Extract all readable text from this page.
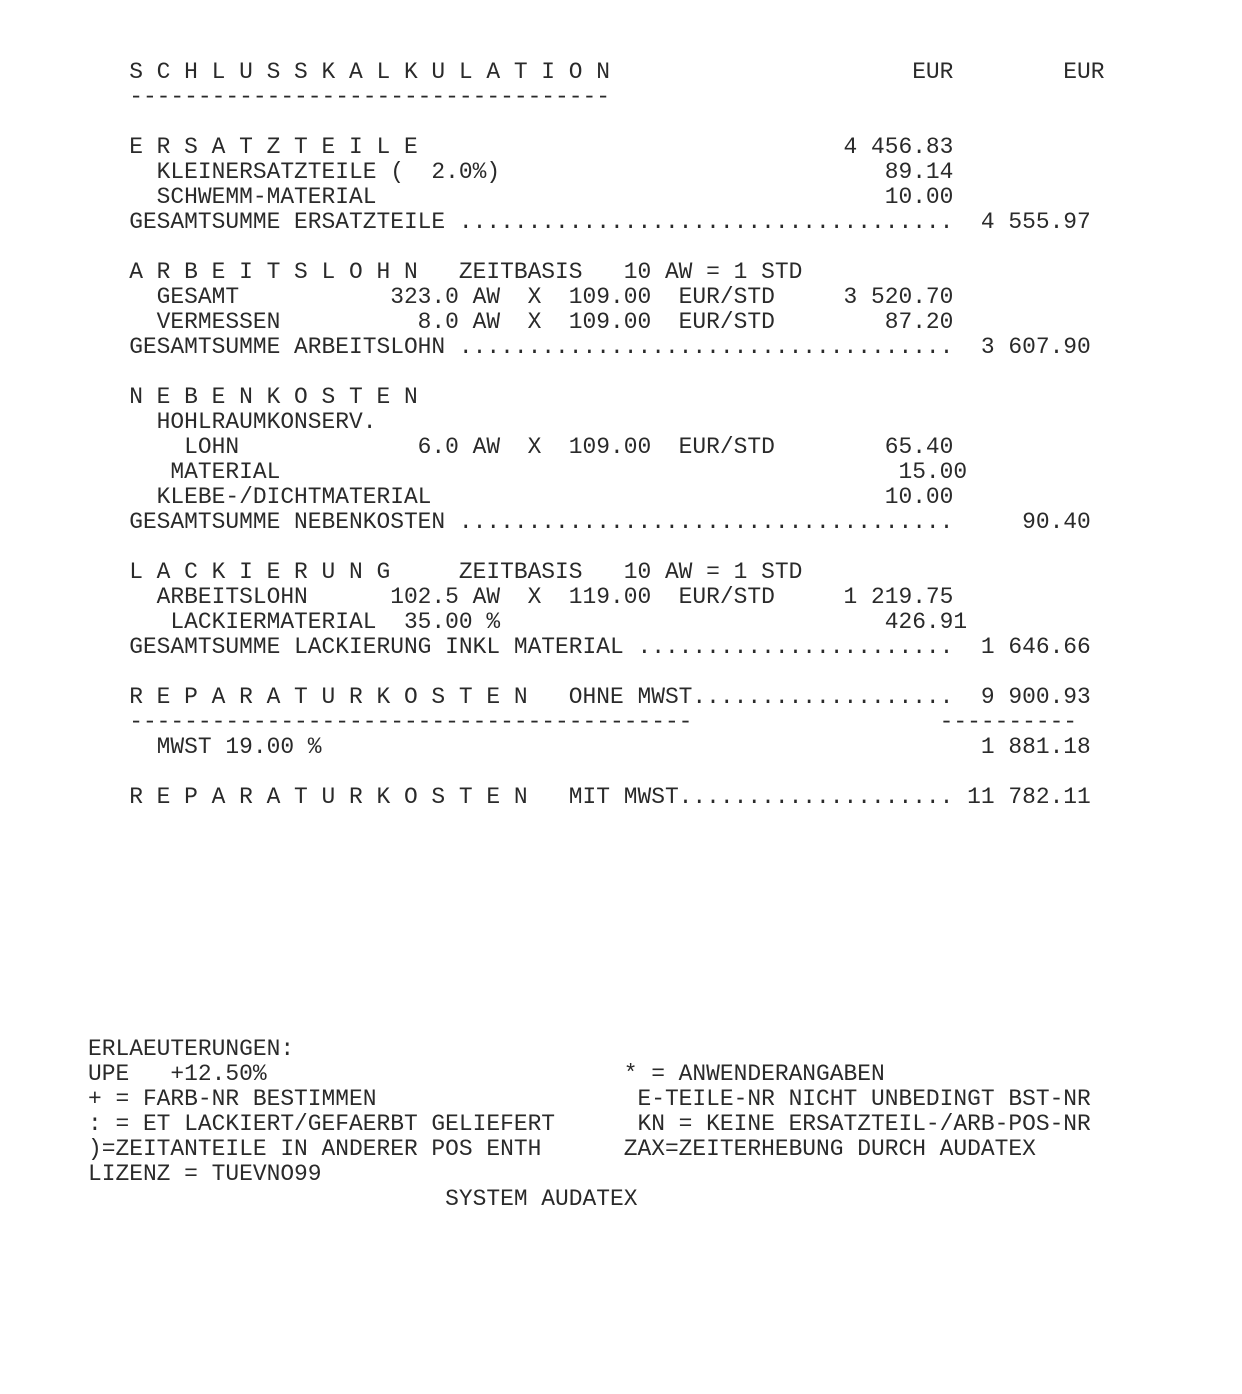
S C H L U S S K A L K U L A T I O N                      EUR        EUR
-----------------------------------
E R S A T Z T E I L E                               4 456.83
KLEINERSATZTEILE (  2.0%)                            89.14
SCHWEMM-MATERIAL                                     10.00
GESAMTSUMME ERSATZTEILE ....................................  4 555.97
A R B E I T S L O H N   ZEITBASIS   10 AW = 1 STD
GESAMT           323.0 AW  X  109.00  EUR/STD     3 520.70
VERMESSEN          8.0 AW  X  109.00  EUR/STD        87.20
GESAMTSUMME ARBEITSLOHN ....................................  3 607.90
N E B E N K O S T E N
HOHLRAUMKONSERV.
LOHN             6.0 AW  X  109.00  EUR/STD        65.40
MATERIAL                                             15.00
KLEBE-/DICHTMATERIAL                                 10.00
GESAMTSUMME NEBENKOSTEN ....................................     90.40
L A C K I E R U N G     ZEITBASIS   10 AW = 1 STD
ARBEITSLOHN      102.5 AW  X  119.00  EUR/STD     1 219.75
LACKIERMATERIAL  35.00 %                            426.91
GESAMTSUMME LACKIERUNG INKL MATERIAL .......................  1 646.66
R E P A R A T U R K O S T E N   OHNE MWST...................  9 900.93
-----------------------------------------                  ----------
MWST 19.00 %                                                1 881.18
R E P A R A T U R K O S T E N   MIT MWST.................... 11 782.11
ERLAEUTERUNGEN:
UPE   +12.50%                          * = ANWENDERANGABEN
+ = FARB-NR BESTIMMEN                   E-TEILE-NR NICHT UNBEDINGT BST-NR
: = ET LACKIERT/GEFAERBT GELIEFERT      KN = KEINE ERSATZTEIL-/ARB-POS-NR
)=ZEITANTEILE IN ANDERER POS ENTH      ZAX=ZEITERHEBUNG DURCH AUDATEX
LIZENZ = TUEVNO99
SYSTEM AUDATEX
